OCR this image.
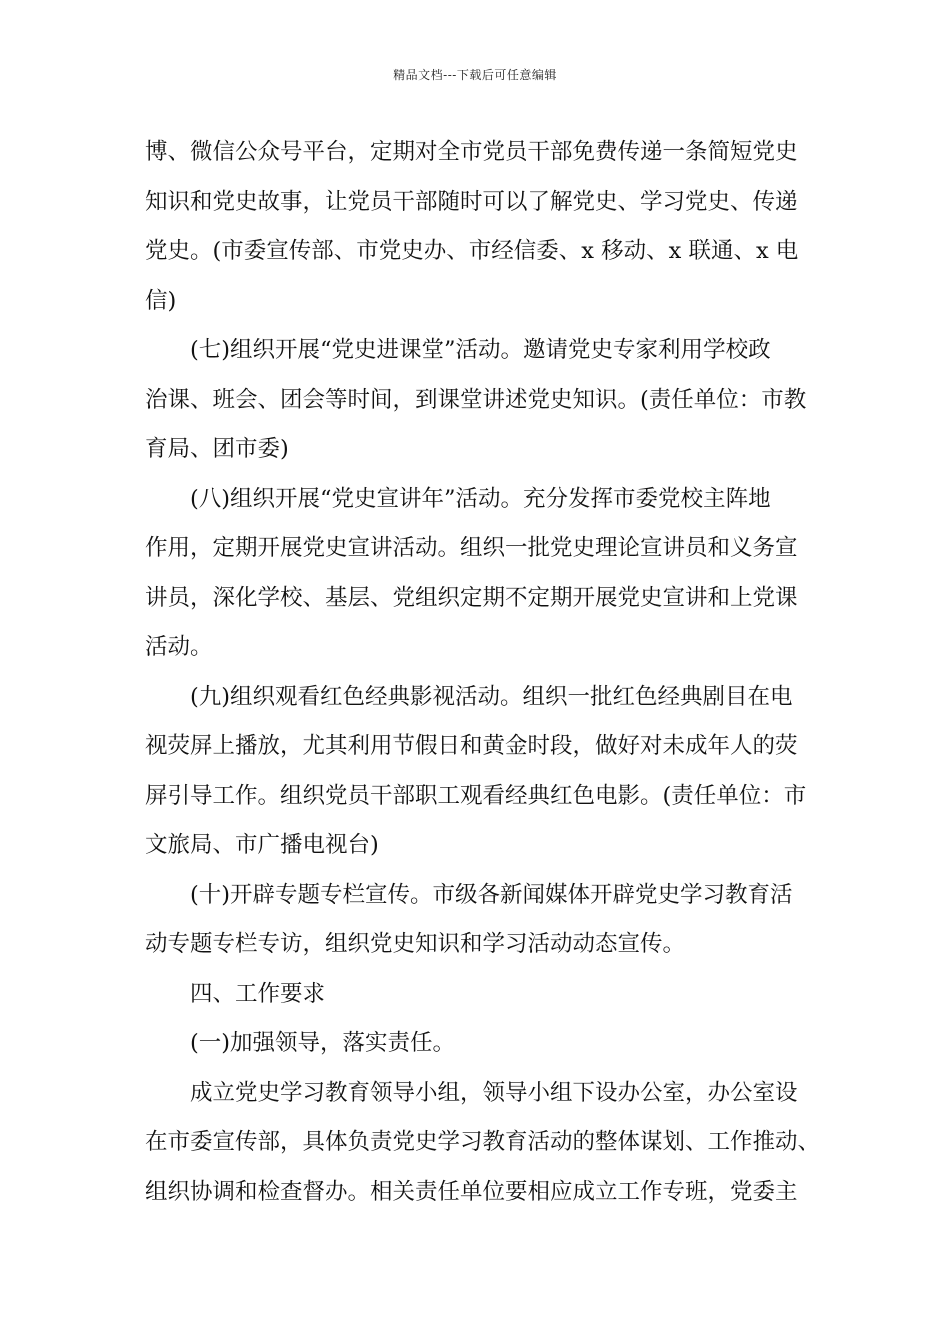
精品文档---下载后可任意编辑
博、微信公众号平台，定期对全市党员干部免费传递一条简短党史
知识和党史故事，让党员干部随时可以了解党史、学习党史、传递
党史。(市委宣传部、市党史办、市经信委、x 移动、x 联通、x 电
信)
(七)组织开展“党史进课堂”活动。邀请党史专家利用学校政
治课、班会、团会等时间，到课堂讲述党史知识。(责任单位：市教
育局、团市委)
(八)组织开展“党史宣讲年”活动。充分发挥市委党校主阵地
作用，定期开展党史宣讲活动。组织一批党史理论宣讲员和义务宣
讲员，深化学校、基层、党组织定期不定期开展党史宣讲和上党课
活动。
(九)组织观看红色经典影视活动。组织一批红色经典剧目在电
视荧屏上播放，尤其利用节假日和黄金时段，做好对未成年人的荧
屏引导工作。组织党员干部职工观看经典红色电影。(责任单位：市
文旅局、市广播电视台)
(十)开辟专题专栏宣传。市级各新闻媒体开辟党史学习教育活
动专题专栏专访，组织党史知识和学习活动动态宣传。
四、工作要求
(一)加强领导，落实责任。
成立党史学习教育领导小组，领导小组下设办公室，办公室设
在市委宣传部，具体负责党史学习教育活动的整体谋划、工作推动、
组织协调和检查督办。相关责任单位要相应成立工作专班，党委主
